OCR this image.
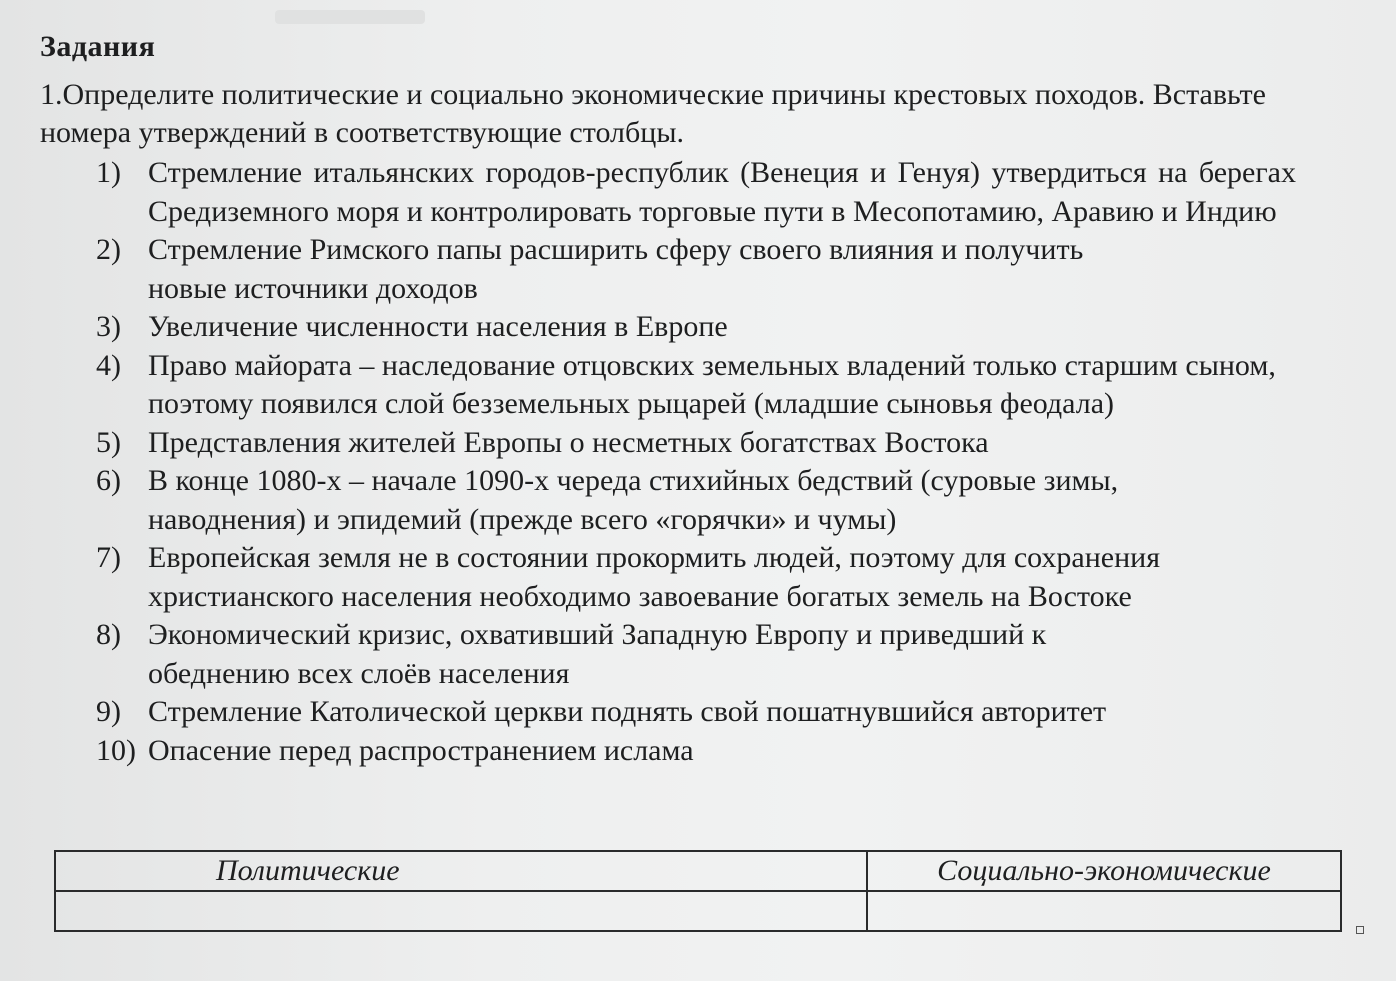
Задания
1.Определите политические и социально экономические причины крестовых походов. Вставьте номера утверждений в соответствующие столбцы.
1) Стремление итальянских городов-республик (Венеция и Генуя) утвердиться на берегах Средиземного моря и контролировать торговые пути в Месопотамию, Аравию и Индию
2) Стремление Римского папы расширить сферу своего влияния и получить новые источники доходов
3) Увеличение численности населения в Европе
4) Право майората – наследование отцовских земельных владений только старшим сыном, поэтому появился слой безземельных рыцарей (младшие сыновья феодала)
5) Представления жителей Европы о несметных богатствах Востока
6) В конце 1080-х – начале 1090-х череда стихийных бедствий (суровые зимы, наводнения) и эпидемий (прежде всего «горячки» и чумы)
7) Европейская земля не в состоянии прокормить людей, поэтому для сохранения христианского населения необходимо завоевание богатых земель на Востоке
8) Экономический кризис, охвативший Западную Европу и приведший к обеднению всех слоёв населения
9) Стремление Католической церкви поднять свой пошатнувшийся авторитет
10) Опасение перед распространением ислама
Политические	Социально-экономические
